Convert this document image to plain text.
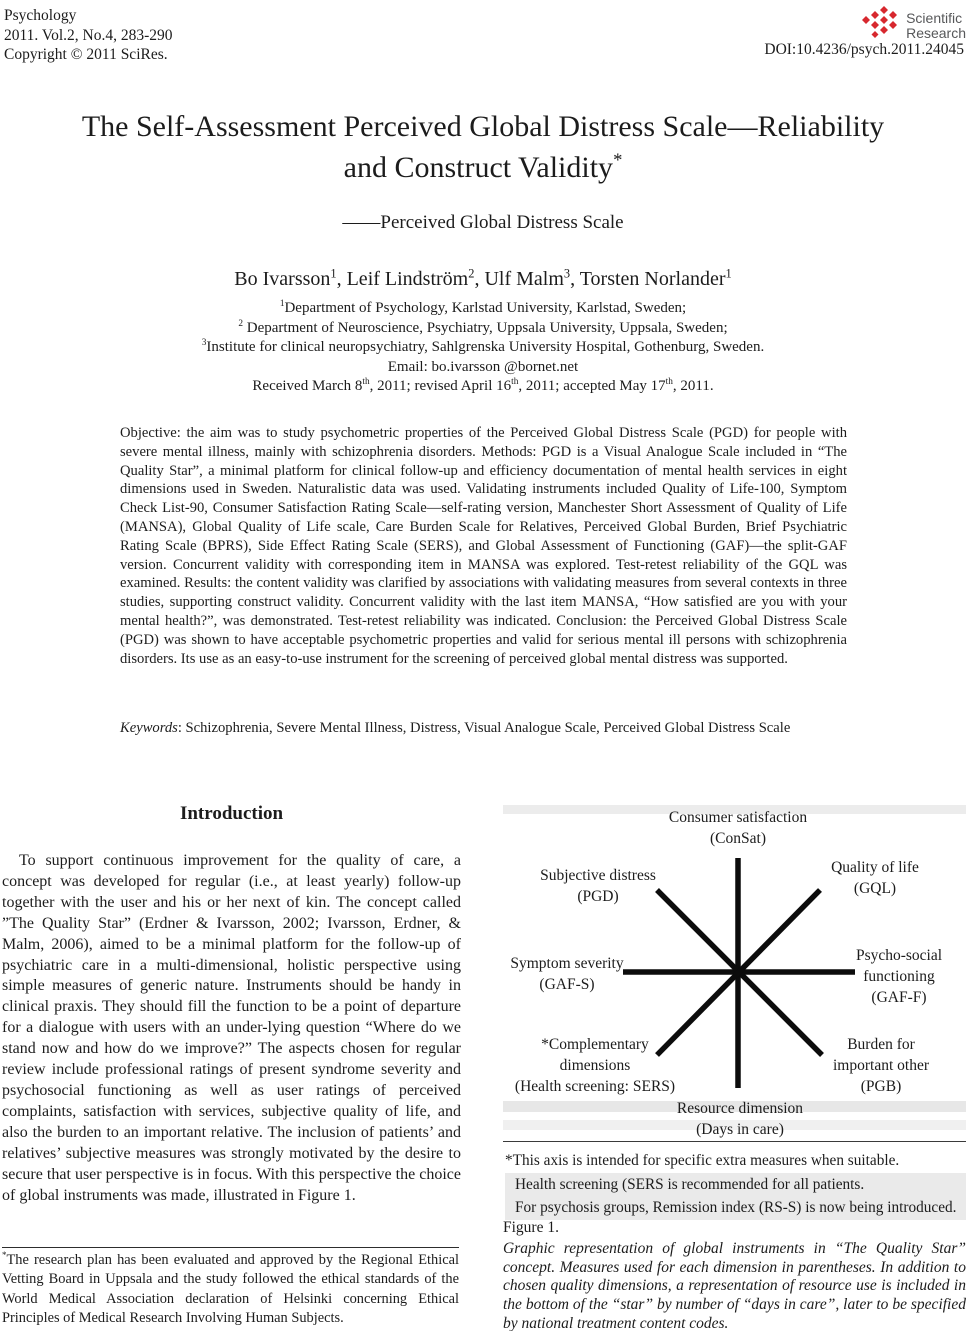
Psychology
2011. Vol.2, No.4, 283-290
Copyright © 2011 SciRes.
Scientific
Research
DOI:10.4236/psych.2011.24045
The Self-Assessment Perceived Global Distress Scale—Reliability
and Construct Validity*
——Perceived Global Distress Scale
Bo Ivarsson$^1$, Leif Lindström$^2$, Ulf Malm$^3$, Torsten Norlander$^1$
$^1$Department of Psychology, Karlstad University, Karlstad, Sweden;
$^2$ Department of Neuroscience, Psychiatry, Uppsala University, Uppsala, Sweden;
$^3$Institute for clinical neuropsychiatry, Sahlgrenska University Hospital, Gothenburg, Sweden.
Email: bo.ivarsson @bornet.net
Received March 8th, 2011; revised April 16th, 2011; accepted May 17th, 2011.
Objective: the aim was to study psychometric properties of the Perceived Global Distress Scale (PGD) for people with severe mental illness, mainly with schizophrenia disorders. Methods: PGD is a Visual Analogue Scale included in “The Quality Star”, a minimal platform for clinical follow-up and efficiency documentation of mental health services in eight dimensions used in Sweden. Naturalistic data was used. Validating instruments included Quality of Life-100, Symptom Check List-90, Consumer Satisfaction Rating Scale—self-rating version, Manchester Short Assessment of Quality of Life (MANSA), Global Quality of Life scale, Care Burden Scale for Relatives, Perceived Global Burden, Brief Psychiatric Rating Scale (BPRS), Side Effect Rating Scale (SERS), and Global Assessment of Functioning (GAF)—the split-GAF version. Concurrent validity with corresponding item in MANSA was explored. Test-retest reliability of the GQL was examined. Results: the content validity was clarified by associations with validating measures from several contexts in three studies, supporting construct validity. Concurrent validity with the last item MANSA, “How satisfied are you with your mental health?”, was demonstrated. Test-retest reliability was indicated. Conclusion: the Perceived Global Distress Scale (PGD) was shown to have acceptable psychometric properties and valid for serious mental ill persons with schizophrenia disorders. Its use as an easy-to-use instrument for the screening of perceived global mental distress was supported.
Keywords: Schizophrenia, Severe Mental Illness, Distress, Visual Analogue Scale, Perceived Global Distress Scale
Introduction

To support continuous improvement for the quality of care, a concept was developed for regular (i.e., at least yearly) follow-up together with the user and his or her next of kin. The concept called ”The Quality Star” (Erdner & Ivarsson, 2002; Ivarsson, Erdner, & Malm, 2006), aimed to be a minimal platform for the follow-up of psychiatric care in a multi-dimensional, holistic perspective using simple measures of generic nature. Instruments should be handy in clinical praxis. They should fill the function to be a point of departure for a dialogue with users with an under-lying question “Where do we stand now and how do we improve?” The aspects chosen for regular review include professional ratings of present syndrome severity and psychosocial functioning as well as user ratings of perceived complaints, satisfaction with services, subjective quality of life, and also the burden to an important relative. The inclusion of patients’ and relatives’ subjective measures was strongly motivated by the desire to secure that user perspective is in focus. With this perspective the choice of global instruments was made, illustrated in Figure 1.

*The research plan has been evaluated and approved by the Regional Ethical Vetting Board in Uppsala and the study followed the ethical standards of the World Medical Association declaration of Helsinki concerning Ethical Principles of Medical Research Involving Human Subjects.
Consumer satisfaction
(ConSat)
Subjective distress
(PGD)
Quality of life
(GQL)
Symptom severity
(GAF-S)
Psycho-social
functioning
(GAF-F)
*Complementary
dimensions
(Health screening: SERS)
Burden for
important other
(PGB)
Resource dimension
(Days in care)
*This axis is intended for specific extra measures when suitable.
Health screening (SERS is recommended for all patients.
For psychosis groups, Remission index (RS-S) is now being introduced.
Figure 1.
Graphic representation of global instruments in “The Quality Star” concept. Measures used for each dimension in parentheses. In addition to chosen quality dimensions, a representation of resource use is included in the bottom of the “star” by number of “days in care”, later to be specified by national treatment content codes.
